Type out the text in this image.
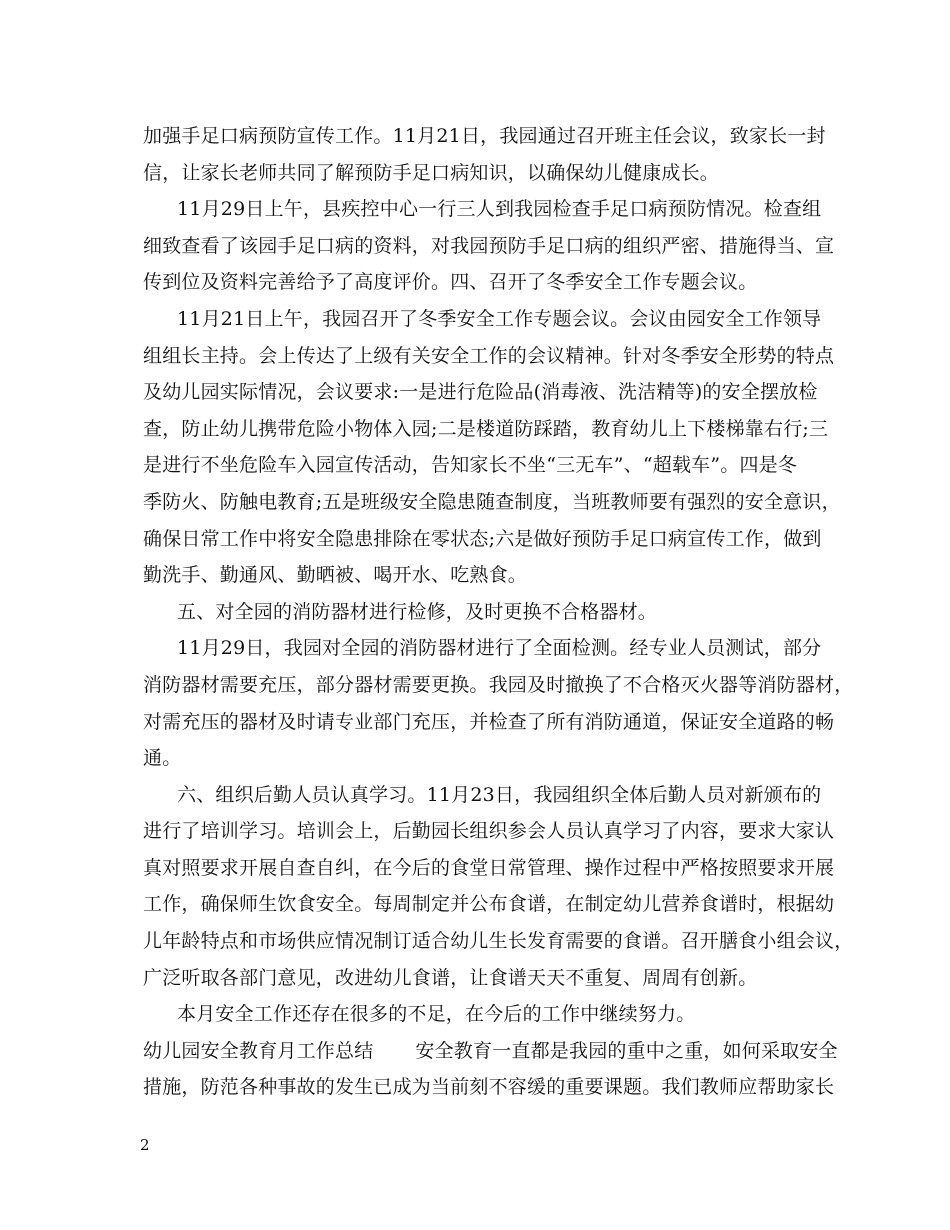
加强手足口病预防宣传工作。11月21日，我园通过召开班主任会议，致家长一封
信，让家长老师共同了解预防手足口病知识，以确保幼儿健康成长。
11月29日上午，县疾控中心一行三人到我园检查手足口病预防情况。检查组
细致查看了该园手足口病的资料，对我园预防手足口病的组织严密、措施得当、宣
传到位及资料完善给予了高度评价。四、召开了冬季安全工作专题会议。
11月21日上午，我园召开了冬季安全工作专题会议。会议由园安全工作领导
组组长主持。会上传达了上级有关安全工作的会议精神。针对冬季安全形势的特点
及幼儿园实际情况，会议要求:一是进行危险品(消毒液、洗洁精等)的安全摆放检
查，防止幼儿携带危险小物体入园;二是楼道防踩踏，教育幼儿上下楼梯靠右行;三
是进行不坐危险车入园宣传活动，告知家长不坐“三无车”、“超载车”。四是冬
季防火、防触电教育;五是班级安全隐患随查制度，当班教师要有强烈的安全意识，
确保日常工作中将安全隐患排除在零状态;六是做好预防手足口病宣传工作，做到
勤洗手、勤通风、勤晒被、喝开水、吃熟食。
五、对全园的消防器材进行检修，及时更换不合格器材。
11月29日，我园对全园的消防器材进行了全面检测。经专业人员测试，部分
消防器材需要充压，部分器材需要更换。我园及时撤换了不合格灭火器等消防器材，
对需充压的器材及时请专业部门充压，并检查了所有消防通道，保证安全道路的畅
通。
六、组织后勤人员认真学习。11月23日，我园组织全体后勤人员对新颁布的
进行了培训学习。培训会上，后勤园长组织参会人员认真学习了内容，要求大家认
真对照要求开展自查自纠，在今后的食堂日常管理、操作过程中严格按照要求开展
工作，确保师生饮食安全。每周制定并公布食谱，在制定幼儿营养食谱时，根据幼
儿年龄特点和市场供应情况制订适合幼儿生长发育需要的食谱。召开膳食小组会议，
广泛听取各部门意见，改进幼儿食谱，让食谱天天不重复、周周有创新。
本月安全工作还存在很多的不足，在今后的工作中继续努力。
幼儿园安全教育月工作总结 安全教育一直都是我园的重中之重，如何采取安全
措施，防范各种事故的发生已成为当前刻不容缓的重要课题。我们教师应帮助家长
2
